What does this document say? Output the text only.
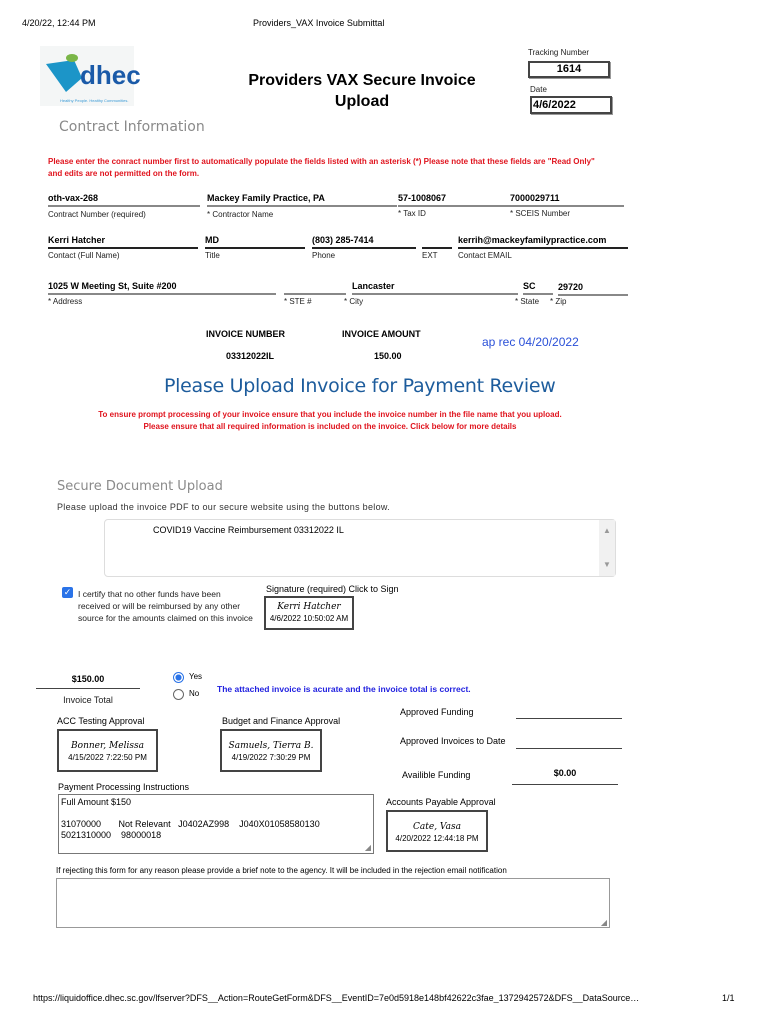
4/20/22, 12:44 PM	Providers_VAX Invoice Submittal
dhec
Healthy People. Healthy Communities.
Providers VAX Secure Invoice Upload
Tracking Number
1614
Date
4/6/2022
Contract Information
Please enter the conract number first to automatically populate the fields listed with an asterisk (*) Please note that these fields are "Read Only" and edits are not permitted on the form.
oth-vax-268
Contract Number (required)
Mackey Family Practice, PA
* Contractor Name
57-1008067
* Tax ID
7000029711
* SCEIS Number
Kerri Hatcher
Contact (Full Name)
MD
Title
(803) 285-7414
Phone	EXT
kerrih@mackeyfamilypractice.com
Contact EMAIL
1025 W Meeting St, Suite #200
* Address	* STE #
Lancaster
* City
SC
* State
29720
* Zip
INVOICE NUMBER
03312022IL
INVOICE AMOUNT
150.00
ap rec 04/20/2022
Please Upload Invoice for Payment Review
To ensure prompt processing of your invoice ensure that you include the invoice number in the file name that you upload.
Please ensure that all required information is included on the invoice. Click below for more details
Secure Document Upload
Please upload the invoice PDF to our secure website using the buttons below.
COVID19 Vaccine Reimbursement 03312022 IL	▲
▼
✓ I certify that no other funds have been received or will be reimbursed by any other source for the amounts claimed on this invoice
Signature (required) Click to Sign
Kerri Hatcher
4/6/2022 10:50:02 AM
$150.00
Invoice Total
Yes
No The attached invoice is acurate and the invoice total is correct.
ACC Testing Approval
Bonner, Melissa
4/15/2022 7:22:50 PM
Budget and Finance Approval
Samuels, Tierra B.
4/19/2022 7:30:29 PM
Approved Funding
Approved Invoices to Date
Availible Funding	$0.00
Payment Processing Instructions
Full Amount $150
31070000       Not Relevant   J0402AZ998    J040X01058580130
5021310000    98000018
◢
Accounts Payable Approval
Cate, Vasa
4/20/2022 12:44:18 PM
If rejecting this form for any reason please provide a brief note to the agency. It will be included in the rejection email notification
◢
https://liquidoffice.dhec.sc.gov/lfserver?DFS__Action=RouteGetForm&DFS__EventID=7e0d5918e148bf42622c3fae_1372942572&DFS__DataSource…	1/1
